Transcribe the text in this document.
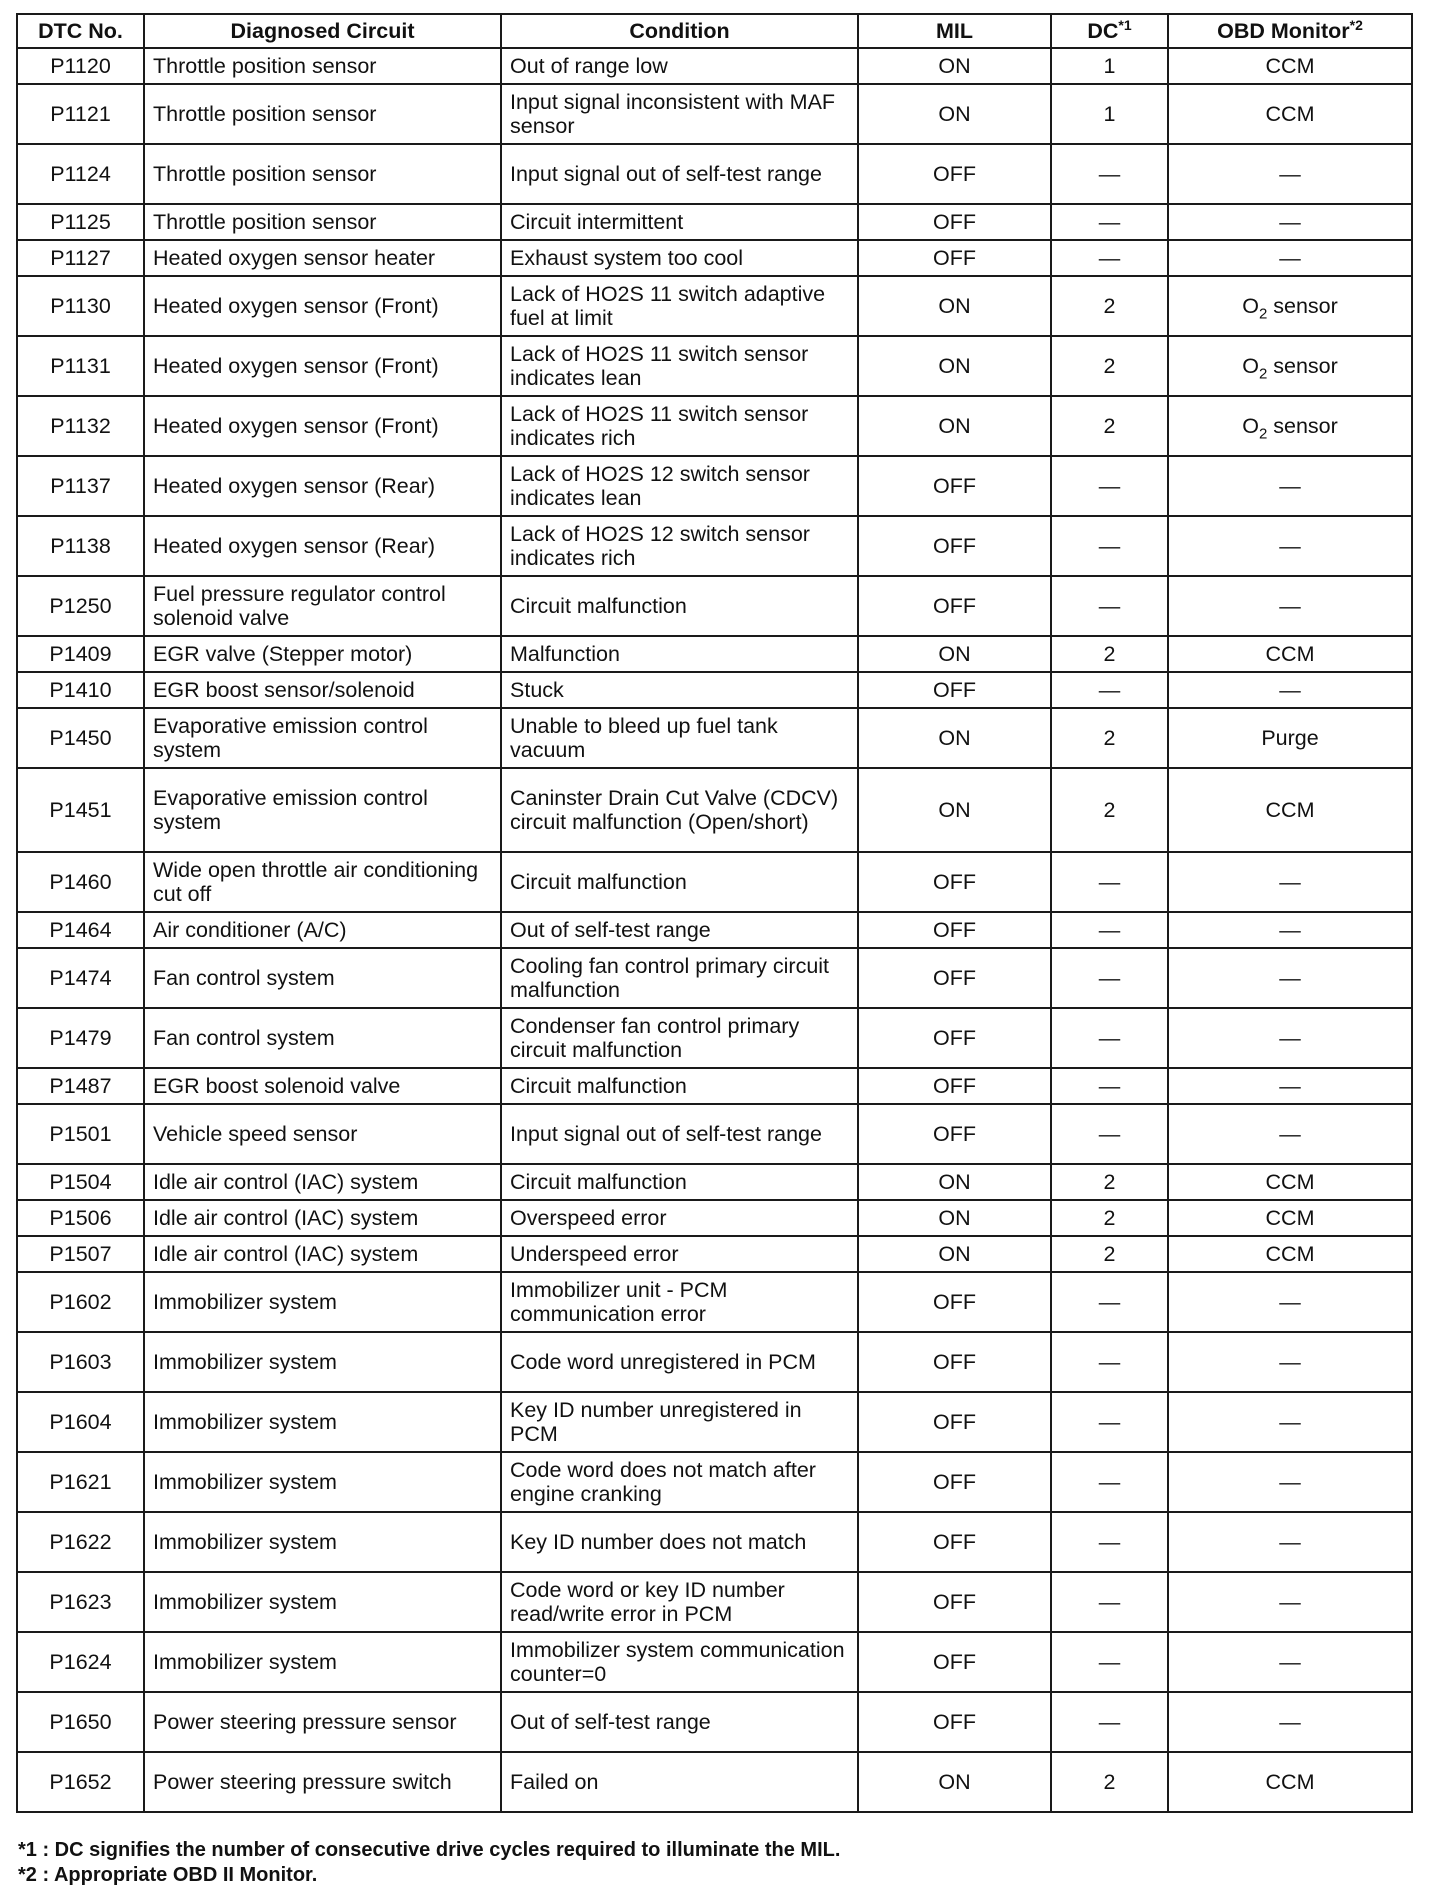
DTC No.	Diagnosed Circuit	Condition	MIL	DC$^{*1}$	OBD Monitor$^{*2}$
P1120	Throttle position sensor	Out of range low	ON	1	CCM
P1121	Throttle position sensor	Input signal inconsistent with MAF sensor	ON	1	CCM
P1124	Throttle position sensor	Input signal out of self-test range	OFF	—	—
P1125	Throttle position sensor	Circuit intermittent	OFF	—	—
P1127	Heated oxygen sensor heater	Exhaust system too cool	OFF	—	—
P1130	Heated oxygen sensor (Front)	Lack of HO2S 11 switch adaptive fuel at limit	ON	2	$O_2$ sensor
P1131	Heated oxygen sensor (Front)	Lack of HO2S 11 switch sensor indicates lean	ON	2	$O_2$ sensor
P1132	Heated oxygen sensor (Front)	Lack of HO2S 11 switch sensor indicates rich	ON	2	$O_2$ sensor
P1137	Heated oxygen sensor (Rear)	Lack of HO2S 12 switch sensor indicates lean	OFF	—	—
P1138	Heated oxygen sensor (Rear)	Lack of HO2S 12 switch sensor indicates rich	OFF	—	—
P1250	Fuel pressure regulator control solenoid valve	Circuit malfunction	OFF	—	—
P1409	EGR valve (Stepper motor)	Malfunction	ON	2	CCM
P1410	EGR boost sensor/solenoid	Stuck	OFF	—	—
P1450	Evaporative emission control system	Unable to bleed up fuel tank vacuum	ON	2	Purge
P1451	Evaporative emission control system	Caninster Drain Cut Valve (CDCV) circuit malfunction (Open/short)	ON	2	CCM
P1460	Wide open throttle air conditioning cut off	Circuit malfunction	OFF	—	—
P1464	Air conditioner (A/C)	Out of self-test range	OFF	—	—
P1474	Fan control system	Cooling fan control primary circuit malfunction	OFF	—	—
P1479	Fan control system	Condenser fan control primary circuit malfunction	OFF	—	—
P1487	EGR boost solenoid valve	Circuit malfunction	OFF	—	—
P1501	Vehicle speed sensor	Input signal out of self-test range	OFF	—	—
P1504	Idle air control (IAC) system	Circuit malfunction	ON	2	CCM
P1506	Idle air control (IAC) system	Overspeed error	ON	2	CCM
P1507	Idle air control (IAC) system	Underspeed error	ON	2	CCM
P1602	Immobilizer system	Immobilizer unit - PCM communication error	OFF	—	—
P1603	Immobilizer system	Code word unregistered in PCM	OFF	—	—
P1604	Immobilizer system	Key ID number unregistered in PCM	OFF	—	—
P1621	Immobilizer system	Code word does not match after engine cranking	OFF	—	—
P1622	Immobilizer system	Key ID number does not match	OFF	—	—
P1623	Immobilizer system	Code word or key ID number read/write error in PCM	OFF	—	—
P1624	Immobilizer system	Immobilizer system communication counter=0	OFF	—	—
P1650	Power steering pressure sensor	Out of self-test range	OFF	—	—
P1652	Power steering pressure switch	Failed on	ON	2	CCM
*1 : DC signifies the number of consecutive drive cycles required to illuminate the MIL.
*2 : Appropriate OBD II Monitor.
